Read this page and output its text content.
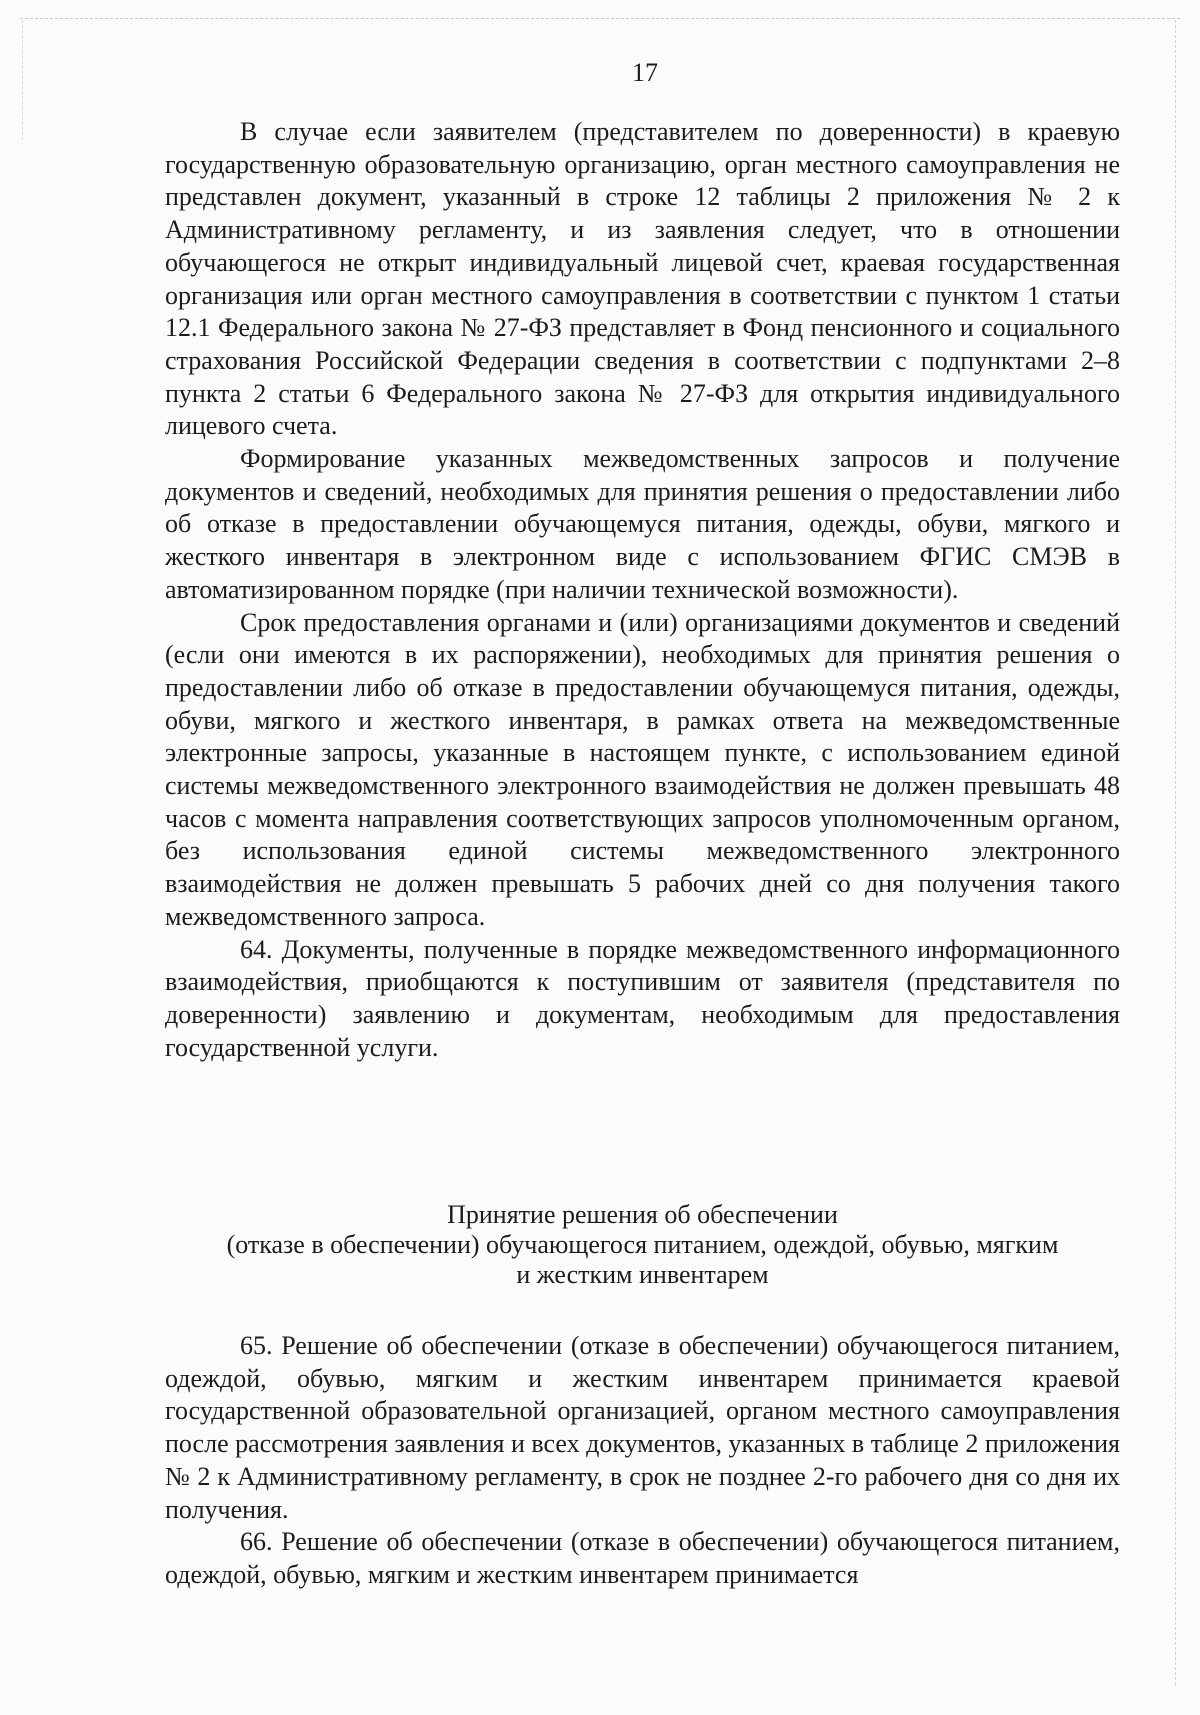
17

В случае если заявителем (представителем по доверенности) в краевую государственную образовательную организацию, орган местного самоуправления не представлен документ, указанный в строке 12 таблицы 2 приложения № 2 к Административному регламенту, и из заявления следует, что в отношении обучающегося не открыт индивидуальный лицевой счет, краевая государственная организация или орган местного самоуправления в соответствии с пунктом 1 статьи 12.1 Федерального закона № 27-ФЗ представляет в Фонд пенсионного и социального страхования Российской Федерации сведения в соответствии с подпунктами 2–8 пункта 2 статьи 6 Федерального закона № 27-ФЗ для открытия индивидуального лицевого счета.

Формирование указанных межведомственных запросов и получение документов и сведений, необходимых для принятия решения о предоставлении либо об отказе в предоставлении обучающемуся питания, одежды, обуви, мягкого и жесткого инвентаря в электронном виде с использованием ФГИС СМЭВ в автоматизированном порядке (при наличии технической возможности).

Срок предоставления органами и (или) организациями документов и сведений (если они имеются в их распоряжении), необходимых для принятия решения о предоставлении либо об отказе в предоставлении обучающемуся питания, одежды, обуви, мягкого и жесткого инвентаря, в рамках ответа на межведомственные электронные запросы, указанные в настоящем пункте, с использованием единой системы межведомственного электронного взаимодействия не должен превышать 48 часов с момента направления соответствующих запросов уполномоченным органом, без использования единой системы межведомственного электронного взаимодействия не должен превышать 5 рабочих дней со дня получения такого межведомственного запроса.

64. Документы, полученные в порядке межведомственного информационного взаимодействия, приобщаются к поступившим от заявителя (представителя по доверенности) заявлению и документам, необходимым для предоставления государственной услуги.

Принятие решения об обеспечении
(отказе в обеспечении) обучающегося питанием, одеждой, обувью, мягким
и жестким инвентарем

65. Решение об обеспечении (отказе в обеспечении) обучающегося питанием, одеждой, обувью, мягким и жестким инвентарем принимается краевой государственной образовательной организацией, органом местного самоуправления после рассмотрения заявления и всех документов, указанных в таблице 2 приложения № 2 к Административному регламенту, в срок не позднее 2-го рабочего дня со дня их получения.

66. Решение об обеспечении (отказе в обеспечении) обучающегося питанием, одеждой, обувью, мягким и жестким инвентарем принимается
